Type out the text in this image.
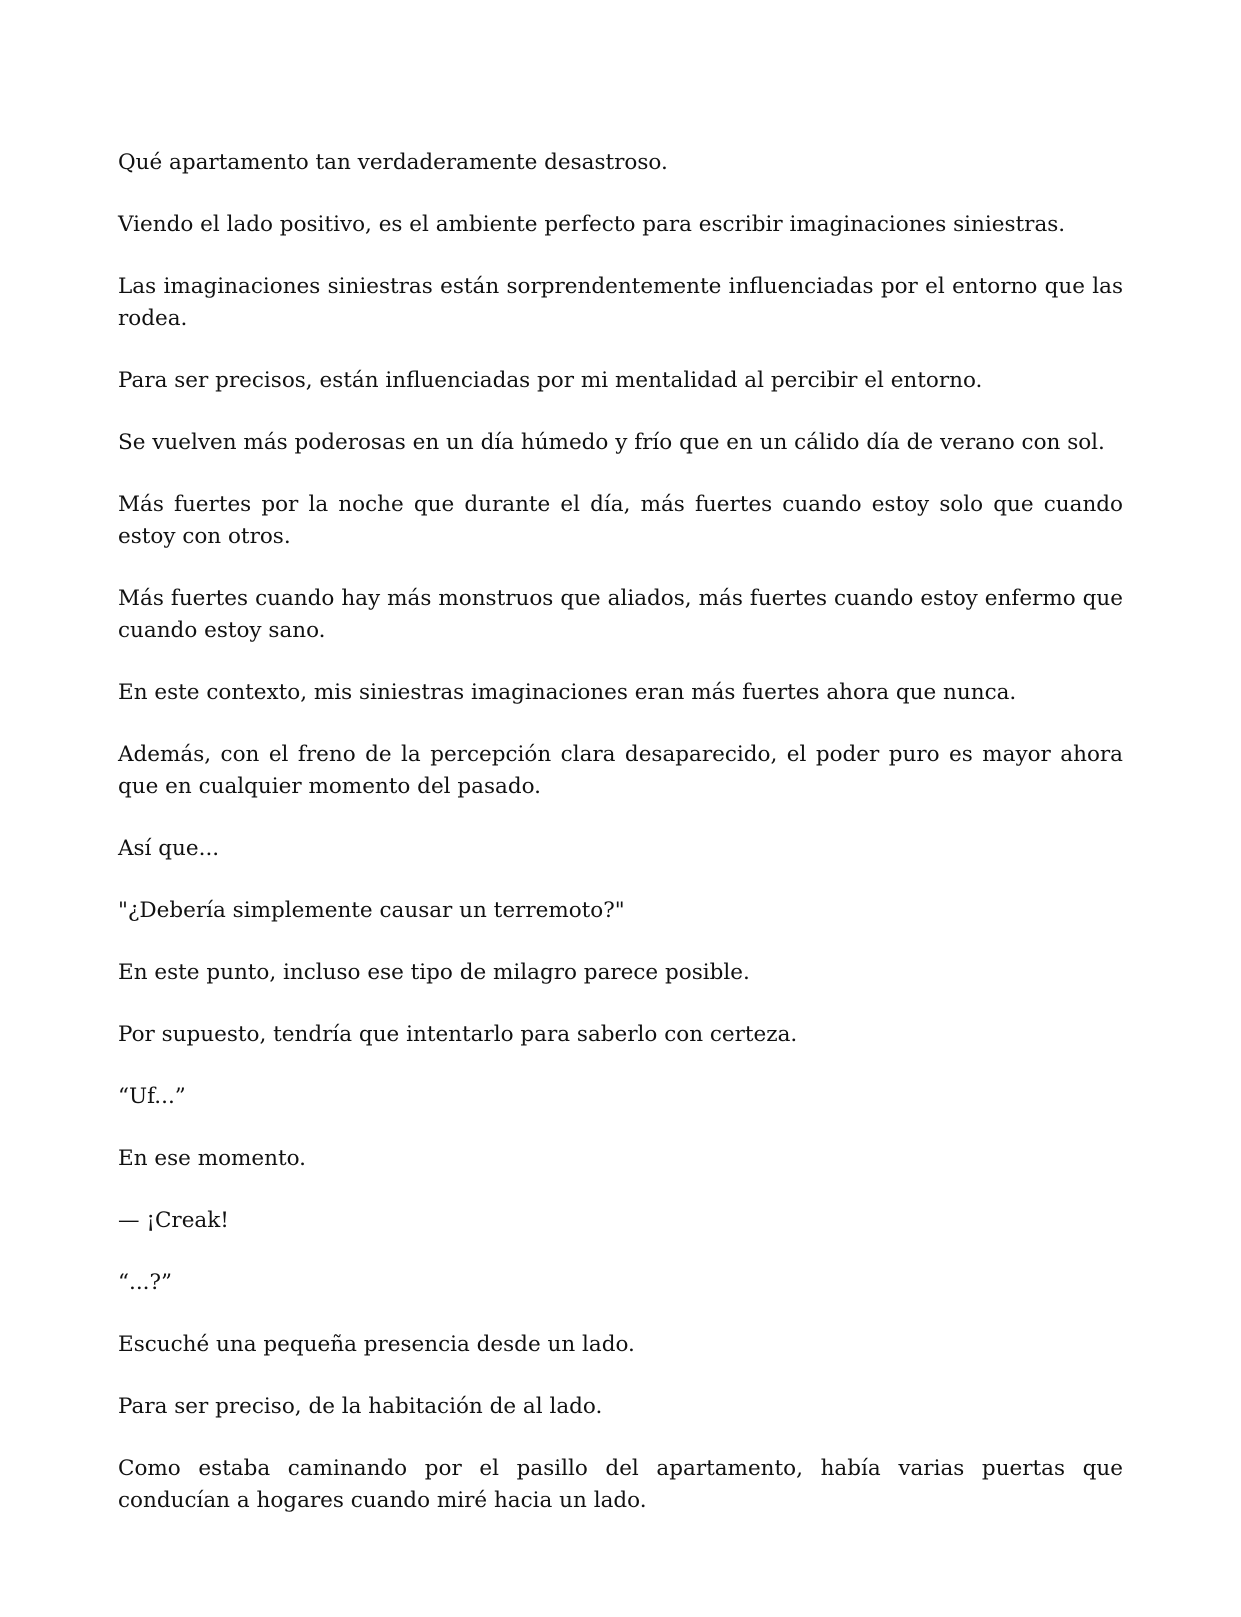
Qué apartamento tan verdaderamente desastroso.

Viendo el lado positivo, es el ambiente perfecto para escribir imaginaciones siniestras.

Las imaginaciones siniestras están sorprendentemente influenciadas por el entorno que las rodea.

Para ser precisos, están influenciadas por mi mentalidad al percibir el entorno.

Se vuelven más poderosas en un día húmedo y frío que en un cálido día de verano con sol.

Más fuertes por la noche que durante el día, más fuertes cuando estoy solo que cuando estoy con otros.

Más fuertes cuando hay más monstruos que aliados, más fuertes cuando estoy enfermo que cuando estoy sano.

En este contexto, mis siniestras imaginaciones eran más fuertes ahora que nunca.

Además, con el freno de la percepción clara desaparecido, el poder puro es mayor ahora que en cualquier momento del pasado.

Así que...

"¿Debería simplemente causar un terremoto?"

En este punto, incluso ese tipo de milagro parece posible.

Por supuesto, tendría que intentarlo para saberlo con certeza.

“Uf...”

En ese momento.

— ¡Creak!

“...?”

Escuché una pequeña presencia desde un lado.

Para ser preciso, de la habitación de al lado.

Como estaba caminando por el pasillo del apartamento, había varias puertas que conducían a hogares cuando miré hacia un lado.
